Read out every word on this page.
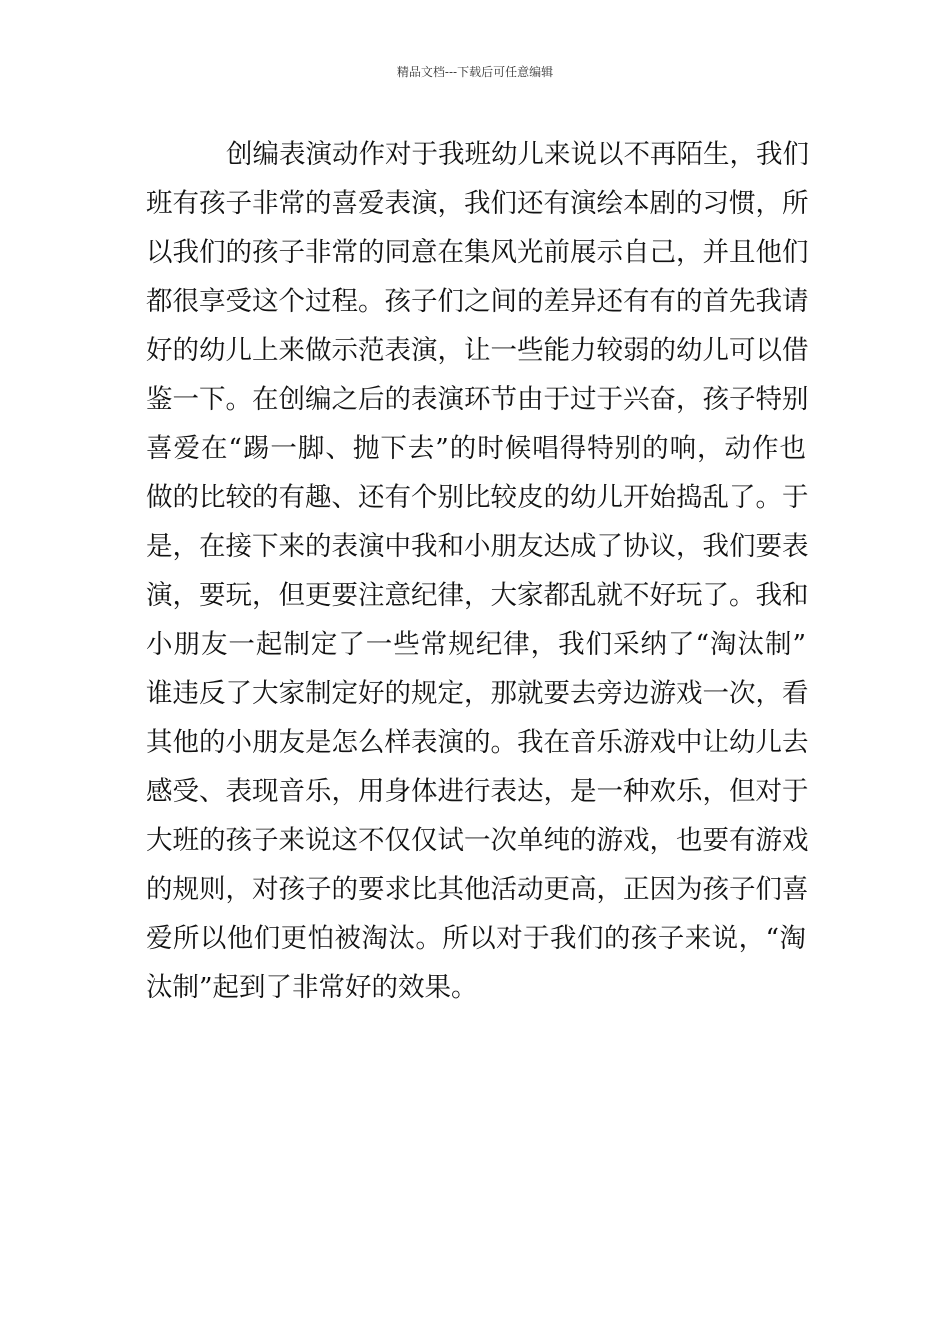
精品文档---下载后可任意编辑
创编表演动作对于我班幼儿来说以不再陌生，我们
班有孩子非常的喜爱表演，我们还有演绘本剧的习惯，所
以我们的孩子非常的同意在集风光前展示自己，并且他们
都很享受这个过程。孩子们之间的差异还有有的首先我请
好的幼儿上来做示范表演，让一些能力较弱的幼儿可以借
鉴一下。在创编之后的表演环节由于过于兴奋，孩子特别
喜爱在“踢一脚、抛下去”的时候唱得特别的响，动作也
做的比较的有趣、还有个别比较皮的幼儿开始捣乱了。于
是，在接下来的表演中我和小朋友达成了协议，我们要表
演，要玩，但更要注意纪律，大家都乱就不好玩了。我和
小朋友一起制定了一些常规纪律，我们采纳了“淘汰制”
谁违反了大家制定好的规定，那就要去旁边游戏一次，看
其他的小朋友是怎么样表演的。我在音乐游戏中让幼儿去
感受、表现音乐，用身体进行表达，是一种欢乐，但对于
大班的孩子来说这不仅仅试一次单纯的游戏，也要有游戏
的规则，对孩子的要求比其他活动更高，正因为孩子们喜
爱所以他们更怕被淘汰。所以对于我们的孩子来说，“淘
汰制”起到了非常好的效果。
